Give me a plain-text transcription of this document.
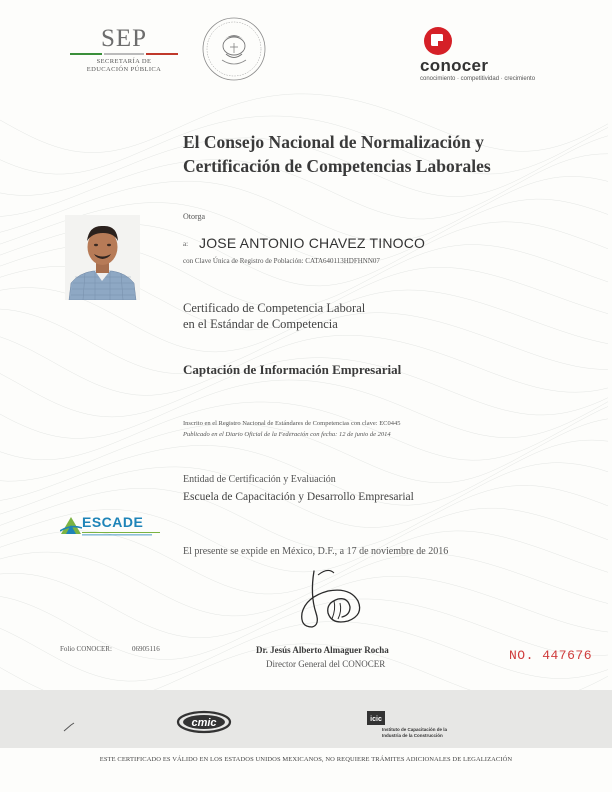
SEP
SECRETARÍA DE
EDUCACIÓN PÚBLICA	conocer
conocimiento · competitividad · crecimiento
El Consejo Nacional de Normalización y
Certificación de Competencias Laborales
Otorga
a: JOSE ANTONIO CHAVEZ TINOCO
con Clave Única de Registro de Población: CATA640113HDFHNN07
Certificado de Competencia Laboral
en el Estándar de Competencia
Captación de Información Empresarial
Inscrito en el Registro Nacional de Estándares de Competencias con clave: EC0445
Publicado en el Diario Oficial de la Federación con fecha: 12 de junio de 2014
Entidad de Certificación y Evaluación
Escuela de Capacitación y Desarrollo Empresarial
ESCADE
El presente se expide en México, D.F., a 17 de noviembre de 2016
Dr. Jesús Alberto Almaguer Rocha
Director General del CONOCER
Folio CONOCER:	06905116	NO. 447676
cmic	icic
Instituto de Capacitación de la
Industria de la Construcción
ESTE CERTIFICADO ES VÁLIDO EN LOS ESTADOS UNIDOS MEXICANOS, NO REQUIERE TRÁMITES ADICIONALES DE LEGALIZACIÓN
